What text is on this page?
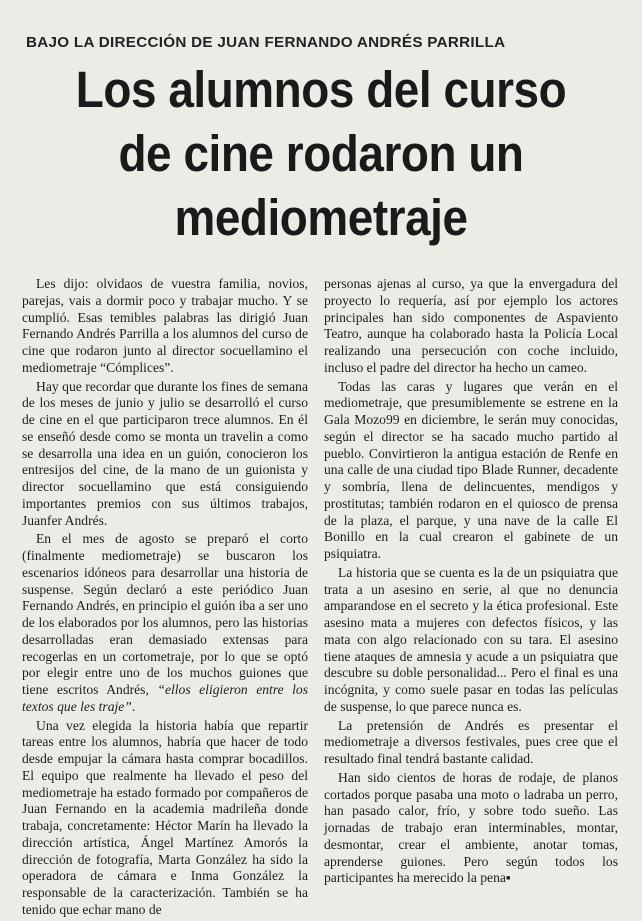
BAJO LA DIRECCIÓN DE JUAN FERNANDO ANDRÉS PARRILLA
Los alumnos del curso
de cine rodaron un
mediometraje

Les dijo: olvidaos de vuestra familia, novios, parejas, vais a dormir poco y trabajar mucho. Y se cumplió. Esas temibles palabras las dirigió Juan Fernando Andrés Parrilla a los alumnos del curso de cine que rodaron junto al director socuellamino el mediometraje “Cómplices”.

Hay que recordar que durante los fines de semana de los meses de junio y julio se desarrolló el curso de cine en el que participaron trece alumnos. En él se enseñó desde como se monta un travelin a como se desarrolla una idea en un guión, conocieron los entresijos del cine, de la mano de un guionista y director socuellamino que está consiguiendo importantes premios con sus últimos trabajos, Juanfer Andrés.

En el mes de agosto se preparó el corto (finalmente mediometraje) se buscaron los escenarios idóneos para desarrollar una historia de suspense. Según declaró a este periódico Juan Fernando Andrés, en principio el guión iba a ser uno de los elaborados por los alumnos, pero las historias desarrolladas eran demasiado extensas para recogerlas en un cortometraje, por lo que se optó por elegir entre uno de los muchos guiones que tiene escritos Andrés, “ellos eligieron entre los textos que les traje”.

Una vez elegida la historia había que repartir tareas entre los alumnos, habría que hacer de todo desde empujar la cámara hasta comprar bocadillos. El equipo que realmente ha llevado el peso del mediometraje ha estado formado por compañeros de Juan Fernando en la academia madrileña donde trabaja, concretamente: Héctor Marín ha llevado la dirección artística, Ángel Martínez Amorós la dirección de fotografía, Marta González ha sido la operadora de cámara e Inma González la responsable de la caracterización. También se ha tenido que echar mano de

personas ajenas al curso, ya que la envergadura del proyecto lo requería, así por ejemplo los actores principales han sido componentes de Aspaviento Teatro, aunque ha colaborado hasta la Policía Local realizando una persecución con coche incluido, incluso el padre del director ha hecho un cameo.

Todas las caras y lugares que verán en el mediometraje, que presumiblemente se estrene en la Gala Mozo99 en diciembre, le serán muy conocidas, según el director se ha sacado mucho partido al pueblo. Convirtieron la antigua estación de Renfe en una calle de una ciudad tipo Blade Runner, decadente y sombría, llena de delincuentes, mendigos y prostitutas; también rodaron en el quiosco de prensa de la plaza, el parque, y una nave de la calle El Bonillo en la cual crearon el gabinete de un psiquiatra.

La historia que se cuenta es la de un psiquiatra que trata a un asesino en serie, al que no denuncia amparandose en el secreto y la ética profesional. Este asesino mata a mujeres con defectos físicos, y las mata con algo relacionado con su tara. El asesino tiene ataques de amnesia y acude a un psiquiatra que descubre su doble personalidad... Pero el final es una incógnita, y como suele pasar en todas las películas de suspense, lo que parece nunca es.

La pretensión de Andrés es presentar el mediometraje a diversos festivales, pues cree que el resultado final tendrá bastante calidad.

Han sido cientos de horas de rodaje, de planos cortados porque pasaba una moto o ladraba un perro, han pasado calor, frío, y sobre todo sueño. Las jornadas de trabajo eran interminables, montar, desmontar, crear el ambiente, anotar tomas, aprenderse guiones. Pero según todos los participantes ha merecido la pena▪
